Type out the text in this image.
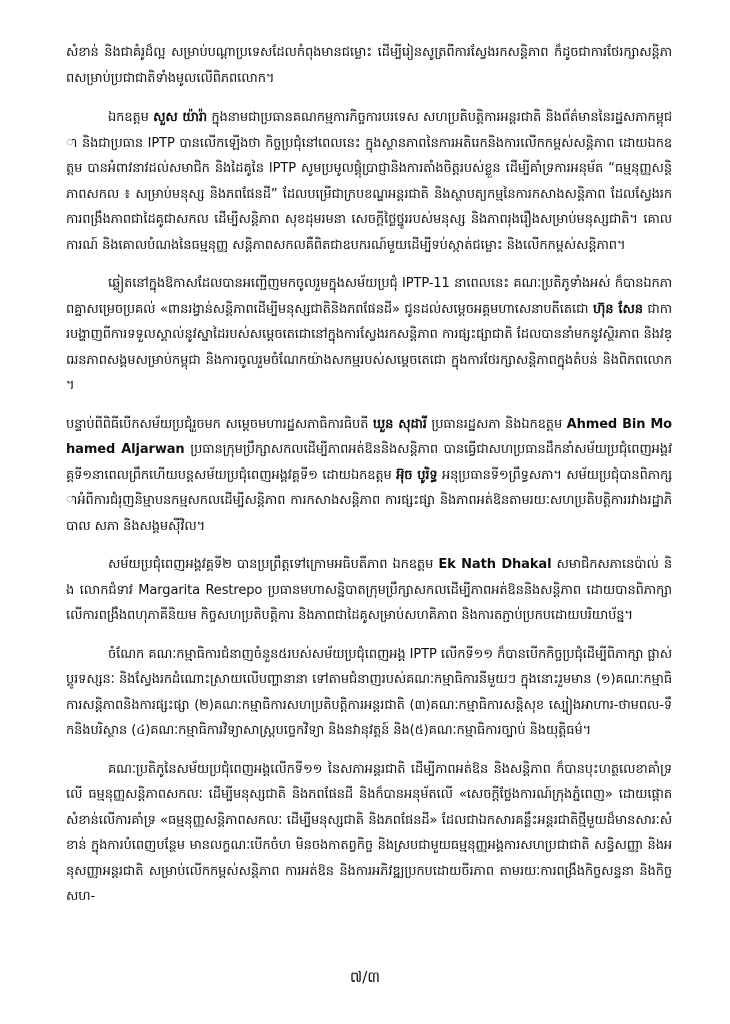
សំខាន់ និងជាគំរូដ៏ល្អ សម្រាប់បណ្តាប្រទេសដែលកំពុងមានជម្លោះ ដើម្បីរៀនសូត្រពីការស្វែងរកសន្តិភាព ក៏ដូចជាការថែរក្សាសន្តិភាពសម្រាប់ប្រជាជាតិទាំងមូលលើពិភពលោក។

ឯកឧត្តម សួស យ៉ារ៉ា ក្នុងនាមជាប្រធានគណកម្មការកិច្ចការបរទេស សហប្រតិបត្តិការអន្តរជាតិ និងព័ត៌មាននៃរដ្ឋសភាកម្ពុជា និងជាប្រធាន IPTP បានលើកឡើងថា កិច្ចប្រជុំនៅពេលនេះ ក្នុងស្ថានភាពនៃការអតិរេកនិងការលើកកម្ពស់សន្តិភាព ដោយឯកឧត្តម បានអំពាវនាវដល់សមាជិក និងដៃគូនៃ IPTP សូមប្រមូលផ្តុំប្រាជ្ញានិងការតាំងចិត្តរបស់ខ្លួន ដើម្បីគាំទ្រការអនុម័ត “ធម្មនុញ្ញសន្តិភាពសកល ៖ សម្រាប់មនុស្ស និងភពផែនដី” ដែលបម្រើជាក្របខណ្ឌអន្តរជាតិ និងស្ថាបត្យកម្មនៃការកសាងសន្តិភាព ដែលស្វែងរកការពង្រឹងភាពជាដៃគូជាសកល ដើម្បីសន្តិភាព សុខដុមរមនា សេចក្តីថ្លៃថ្នូររបស់មនុស្ស និងភាពរុងរឿងសម្រាប់មនុស្សជាតិ។ គោលការណ៍ និងគោលបំណងនៃធម្មនុញ្ញ សន្តិភាពសកលគឺពិតជាឧបករណ៍មួយដើម្បីទប់ស្កាត់ជម្លោះ និងលើកកម្ពស់សន្តិភាព។

ឆ្លៀតនៅក្នុងឱកាសដែលបានអញ្ជើញមកចូលរួមក្នុងសម័យប្រជុំ IPTP-11 នាពេលនេះ គណៈប្រតិភូទាំងអស់ ក៏បានឯកភាពគ្នាសម្រេចប្រគល់ «ពានរង្វាន់សន្តិភាពដើម្បីមនុស្សជាតិនិងភពផែនដី» ជូនដល់សម្តេចអគ្គមហាសេនាបតីតេជោ ហ៊ុន សែន ជាការបង្ហាញពីការទទួលស្គាល់នូវស្នាដៃរបស់សម្តេចតេជោនៅក្នុងការស្វែងរកសន្តិភាព ការផ្សះផ្សាជាតិ ដែលបាននាំមកនូវស្ថិរភាព និងវឌ្ឍនភាពសង្គមសម្រាប់កម្ពុជា និងការចូលរួមចំណែកយ៉ាងសកម្មរបស់សម្តេចតេជោ ក្នុងការថែរក្សាសន្តិភាពក្នុងតំបន់ និងពិភពលោក ។

បន្ទាប់ពីពិធីបើកសម័យប្រជុំរួចមក សម្តេចមហារដ្ឋសភាធិការធិបតី ឃួន សុដារី ប្រធានរដ្ឋសភា និងឯកឧត្តម Ahmed Bin Mohamed Aljarwan ប្រធានក្រុមប្រឹក្សាសកលដើម្បីភាពអត់ឱននិងសន្តិភាព បានធ្វើជាសហប្រធានដឹកនាំសម័យប្រជុំពេញអង្គវគ្គទី១នាពេលព្រឹកហើយបន្តសម័យប្រជុំពេញអង្គវគ្គទី១ ដោយឯកឧត្តម អ៊ុច បូរិទ្ធ អនុប្រធានទី១ព្រឹទ្ធសភា។ សម័យប្រជុំបានពិភាក្សាអំពីការជំរុញនិម្មាបនកម្មសកលដើម្បីសន្តិភាព ការកសាងសន្តិភាព ការផ្សះផ្សា និងភាពអត់ឱនតាមរយៈសហប្រតិបត្តិការរវាងរដ្ឋាភិបាល សភា និងសង្គមស៊ីវិល។

សម័យប្រជុំពេញអង្គវគ្គទី២ បានប្រព្រឹត្តទៅក្រោមអធិបតីភាព ឯកឧត្តម Ek Nath Dhakal សមាជិកសភានេប៉ាល់ និង លោកជំទាវ Margarita Restrepo ប្រធានមហាសន្និបាតក្រុមប្រឹក្សាសកលដើម្បីភាពអត់ឱននិងសន្តិភាព ដោយបានពិភាក្សាលើការពង្រឹងពហុភាគីនិយម កិច្ចសហប្រតិបត្តិការ និងភាពជាដៃគូសម្រាប់សហគិភាព និងការតភ្ជាប់ប្រកបដោយបរិយាប័ន្ន។

ចំណែក គណៈកម្មាធិការជំនាញចំនួន៥របស់សម័យប្រជុំពេញអង្គ IPTP លើកទី១១ ក៏បានបើកកិច្ចប្រជុំដើម្បីពិភាក្សា ផ្លាស់ប្តូរទស្សនៈ និងស្វែងរកដំណោះស្រាយលើបញ្ហានានា ទៅតាមជំនាញរបស់គណៈកម្មាធិការនីមួយៗ ក្នុងនោះរួមមាន (១)គណៈកម្មាធិការសន្តិភាពនិងការផ្សះផ្សា (២)គណៈកម្មាធិការសហប្រតិបត្តិការអន្តរជាតិ (៣)គណៈកម្មាធិការសន្តិសុខ ស្បៀងអាហារ-ថាមពល-ទឹកនិងបរិស្ថាន (៤)គណៈកម្មាធិការវិទ្យាសាស្ត្របច្ចេកវិទ្យា និងនវានុវត្តន៍ និង(៥)គណៈកម្មាធិការច្បាប់ និងយុត្តិធម៌។

គណៈប្រតិភូនៃសម័យប្រជុំពេញអង្គលើកទី១១ នៃសភាអន្តរជាតិ ដើម្បីភាពអត់ឱន និងសន្តិភាព ក៏បានបុះហត្ថលេខាគាំទ្រលើ ធម្មនុញ្ញសន្តិភាពសកលៈ ដើម្បីមនុស្សជាតិ និងភពផែនដី និងក៏បានអនុម័តលើ «សេចក្តីថ្លែងការណ៍ក្រុងភ្នំពេញ» ដោយផ្តោតសំខាន់លើការគាំទ្រ «ធម្មនុញ្ញសន្តិភាពសកលៈ ដើម្បីមនុស្សជាតិ និងភពផែនដី» ដែលជាឯកសារគន្លឹះអន្តរជាតិថ្មីមួយដ៏មានសារៈសំខាន់ ក្នុងការបំពេញបន្ថែម មានលក្ខណៈបើកចំហ មិនចងកាតព្វកិច្ច និងស្របជាមួយធម្មនុញ្ញអង្គការសហប្រជាជាតិ សន្ធិសញ្ញា និងអនុសញ្ញាអន្តរជាតិ សម្រាប់លើកកម្ពស់សន្តិភាព ការអត់ឱន និងការអភិវឌ្ឍប្រកបដោយចីរភាព តាមរយៈការពង្រឹងកិច្ចសន្ទនា និងកិច្ចសហ-

៧/៣
